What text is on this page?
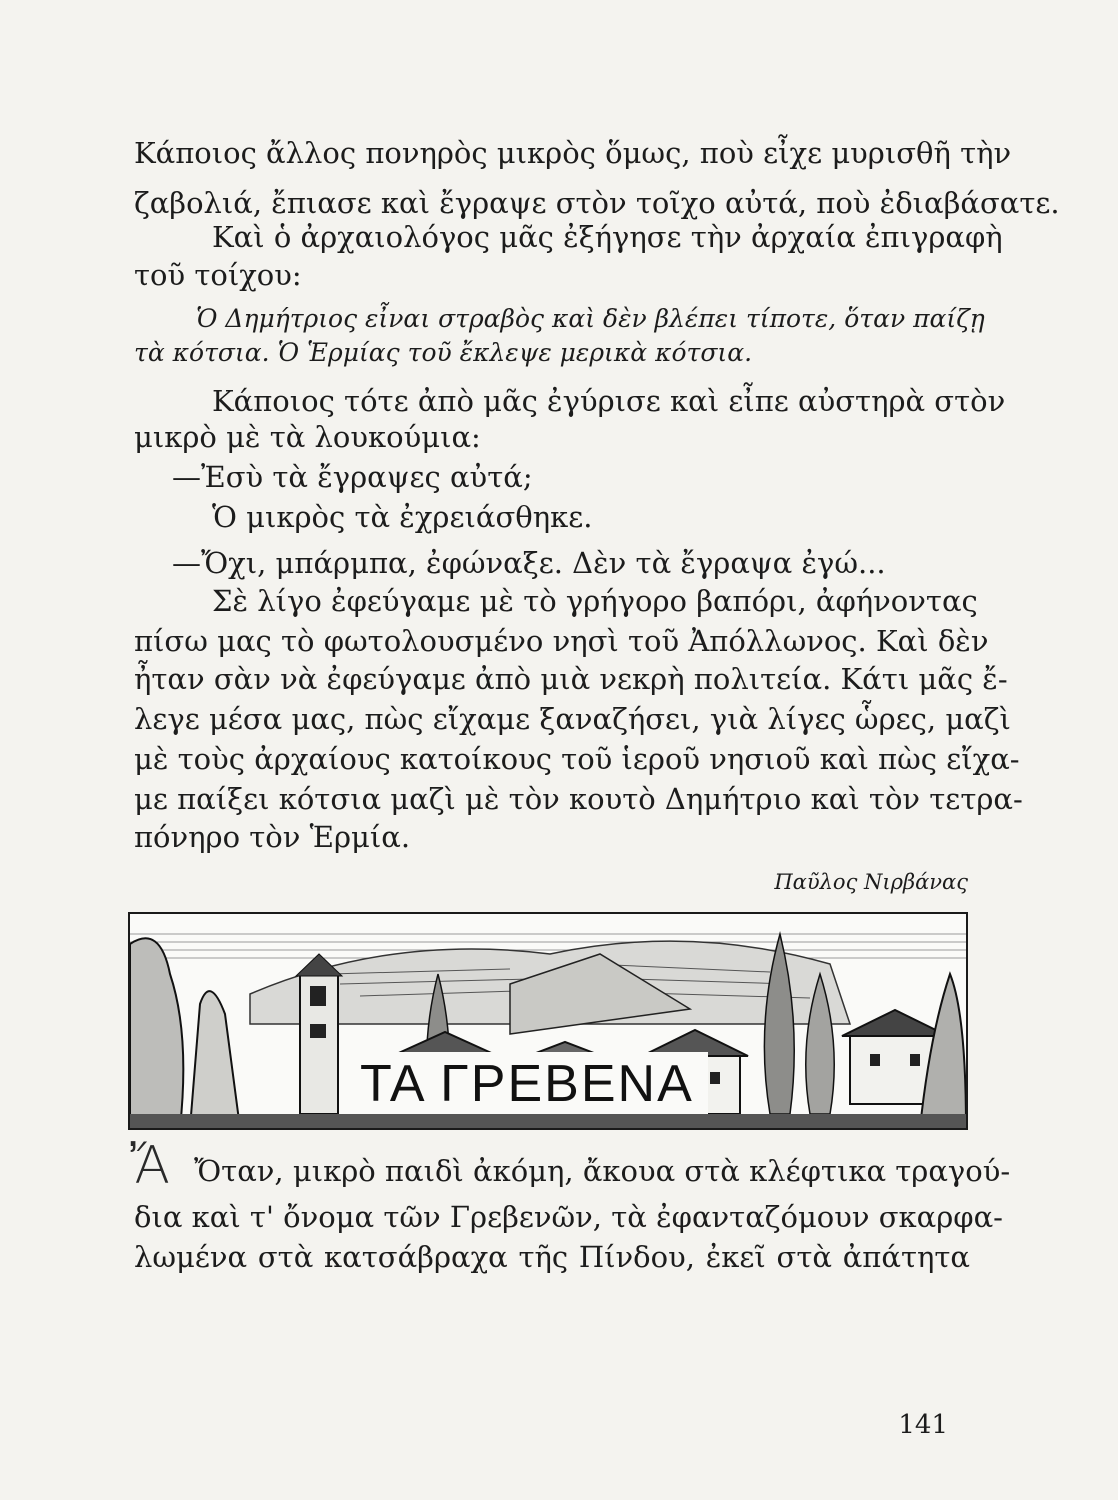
Κάποιος ἄλλος πονηρὸς μικρὸς ὅμως, ποὺ εἶχε μυρισθῆ τὴν
ζαβολιά, ἔπιασε καὶ ἔγραψε στὸν τοῖχο αὐτά, ποὺ ἐδιαβάσατε.
Καὶ ὁ ἀρχαιολόγος μᾶς ἐξήγησε τὴν ἀρχαία ἐπιγραφὴ
τοῦ τοίχου:
Ὁ Δημήτριος εἶναι στραβὸς καὶ δὲν βλέπει τίποτε, ὅταν παίζῃ
τὰ κότσια. Ὁ Ἑρμίας τοῦ ἔκλεψε μερικὰ κότσια.
Κάποιος τότε ἀπὸ μᾶς ἐγύρισε καὶ εἶπε αὐστηρὰ στὸν
μικρὸ μὲ τὰ λουκούμια:
—Ἐσὺ τὰ ἔγραψες αὐτά;
Ὁ μικρὸς τὰ ἐχρειάσθηκε.
—Ὄχι, μπάρμπα, ἐφώναξε. Δὲν τὰ ἔγραψα ἐγώ...
Σὲ λίγο ἐφεύγαμε μὲ τὸ γρήγορο βαπόρι, ἀφήνοντας
πίσω μας τὸ φωτολουσμένο νησὶ τοῦ Ἀπόλλωνος. Καὶ δὲν
ἦταν σὰν νὰ ἐφεύγαμε ἀπὸ μιὰ νεκρὴ πολιτεία. Κάτι μᾶς ἔ-
λεγε μέσα μας, πὼς εἴχαμε ξαναζήσει, γιὰ λίγες ὧρες, μαζὶ
μὲ τοὺς ἀρχαίους κατοίκους τοῦ ἱεροῦ νησιοῦ καὶ πὼς εἴχα-
με παίξει κότσια μαζὶ μὲ τὸν κουτὸ Δημήτριο καὶ τὸν τετρα-
πόνηρο τὸν Ἑρμία.
Παῦλος Νιρβάνας
ΤΑ ΓΡΕΒΕΝΑ
Ἄ Ὄταν, μικρὸ παιδὶ ἀκόμη, ἄκουα στὰ κλέφτικα τραγού-
δια καὶ τ' ὄνομα τῶν Γρεβενῶν, τὰ ἐφανταζόμουν σκαρφα-
λωμένα στὰ κατσάβραχα τῆς Πίνδου, ἐκεῖ στὰ ἀπάτητα
141
